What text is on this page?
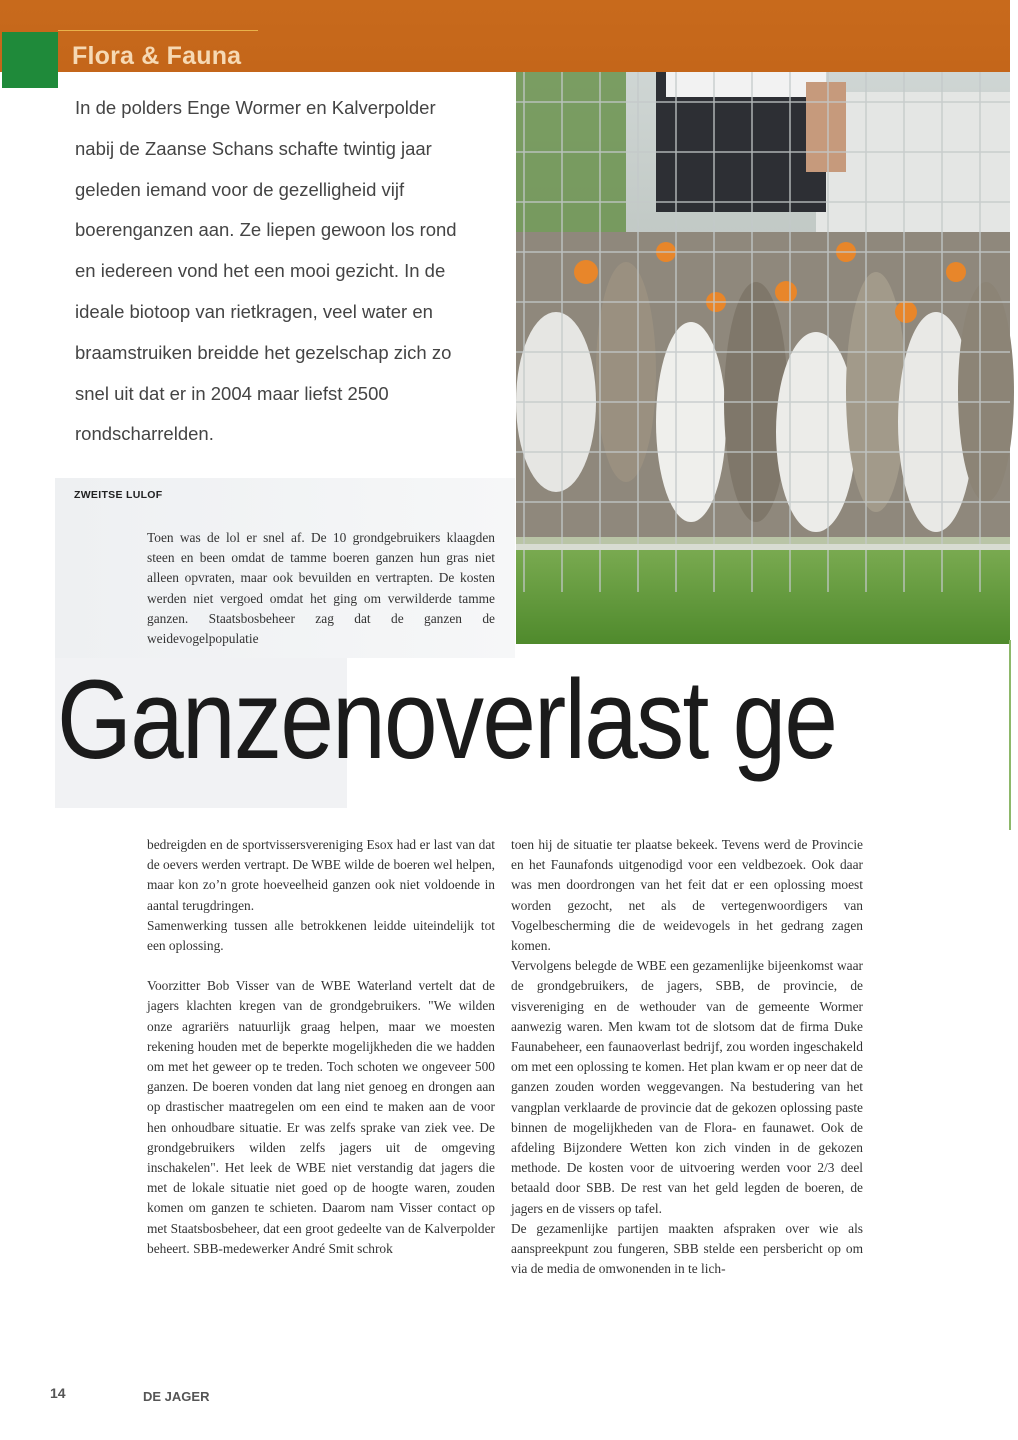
Flora & Fauna

In de polders Enge Wormer en Kalverpolder

nabij de Zaanse Schans schafte twintig jaar

geleden iemand voor de gezelligheid vijf

boerenganzen aan. Ze liepen gewoon los rond

en iedereen vond het een mooi gezicht. In de

ideale biotoop van rietkragen, veel water en

braamstruiken breidde het gezelschap zich zo

snel uit dat er in 2004 maar liefst 2500

rondscharrelden.

ZWEITSE LULOF

Toen was de lol er snel af. De 10 grondgebruikers klaagden steen en been omdat de tamme boeren ganzen hun gras niet alleen opvraten, maar ook bevuilden en vertrapten. De kosten werden niet vergoed omdat het ging om verwilderde tamme ganzen. Staatsbosbeheer zag dat de ganzen de weidevogelpopulatie

Ganzenoverlast ge

bedreigden en de sportvissersvereniging Esox had er last van dat de oevers werden vertrapt. De WBE wilde de boeren wel helpen, maar kon zo’n grote hoeveelheid ganzen ook niet voldoende in aantal terugdringen.

Samenwerking tussen alle betrokkenen leidde uiteindelijk tot een oplossing.

Voorzitter Bob Visser van de WBE Waterland vertelt dat de jagers klachten kregen van de grondgebruikers. "We wilden onze agrariërs natuurlijk graag helpen, maar we moesten rekening houden met de beperkte mogelijkheden die we hadden om met het geweer op te treden. Toch schoten we ongeveer 500 ganzen. De boeren vonden dat lang niet genoeg en drongen aan op drastischer maatregelen om een eind te maken aan de voor hen onhoudbare situatie. Er was zelfs sprake van ziek vee. De grondgebruikers wilden zelfs jagers uit de omgeving inschakelen". Het leek de WBE niet verstandig dat jagers die met de lokale situatie niet goed op de hoogte waren, zouden komen om ganzen te schieten. Daarom nam Visser contact op met Staatsbosbeheer, dat een groot gedeelte van de Kalverpolder beheert. SBB-medewerker André Smit schrok

toen hij de situatie ter plaatse bekeek. Tevens werd de Provincie en het Faunafonds uitgenodigd voor een veldbezoek. Ook daar was men doordrongen van het feit dat er een oplossing moest worden gezocht, net als de vertegenwoordigers van Vogelbescherming die de weidevogels in het gedrang zagen komen.

Vervolgens belegde de WBE een gezamenlijke bijeenkomst waar de grondgebruikers, de jagers, SBB, de provincie, de visvereniging en de wethouder van de gemeente Wormer aanwezig waren. Men kwam tot de slotsom dat de firma Duke Faunabeheer, een faunaoverlast bedrijf, zou worden ingeschakeld om met een oplossing te komen. Het plan kwam er op neer dat de ganzen zouden worden weggevangen. Na bestudering van het vangplan verklaarde de provincie dat de gekozen oplossing paste binnen de mogelijkheden van de Flora- en faunawet. Ook de afdeling Bijzondere Wetten kon zich vinden in de gekozen methode. De kosten voor de uitvoering werden voor 2/3 deel betaald door SBB. De rest van het geld legden de boeren, de jagers en de vissers op tafel.

De gezamenlijke partijen maakten afspraken over wie als aanspreekpunt zou fungeren, SBB stelde een persbericht op om via de media de omwonenden in te lich-

14	DE JAGER
